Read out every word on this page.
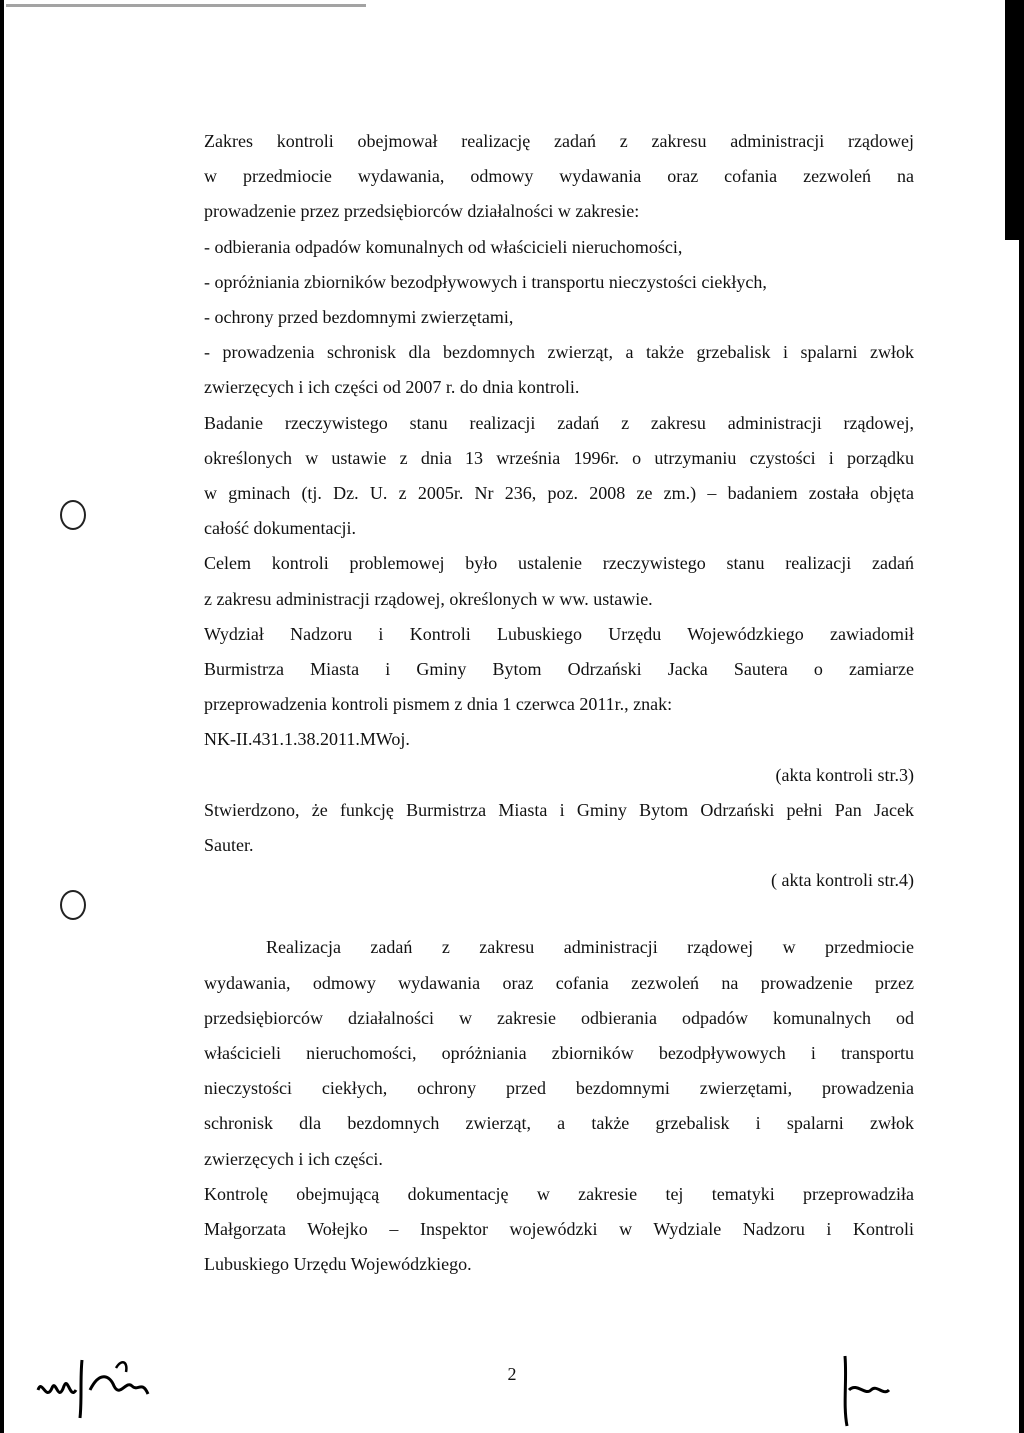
Zakres kontroli obejmował realizację zadań z zakresu administracji rządowej
w przedmiocie wydawania, odmowy wydawania oraz cofania zezwoleń na
prowadzenie przez przedsiębiorców działalności w zakresie:

- odbierania odpadów komunalnych od właścicieli nieruchomości,

- opróżniania zbiorników bezodpływowych i transportu nieczystości ciekłych,

- ochrony przed bezdomnymi zwierzętami,

- prowadzenia schronisk dla bezdomnych zwierząt, a także grzebalisk i spalarni zwłok
zwierzęcych i ich części od 2007 r. do dnia kontroli.

Badanie rzeczywistego stanu realizacji zadań z zakresu administracji rządowej,
określonych w ustawie z dnia 13 września 1996r. o utrzymaniu czystości i porządku
w gminach (tj. Dz. U. z 2005r. Nr 236, poz. 2008 ze zm.) – badaniem została objęta
całość dokumentacji.

Celem kontroli problemowej było ustalenie rzeczywistego stanu realizacji zadań
z zakresu administracji rządowej, określonych w ww. ustawie.

Wydział Nadzoru i Kontroli Lubuskiego Urzędu Wojewódzkiego zawiadomił
Burmistrza Miasta i Gminy Bytom Odrzański Jacka Sautera o zamiarze
przeprowadzenia kontroli pismem z dnia 1 czerwca 2011r., znak:
NK-II.431.1.38.2011.MWoj.

(akta kontroli str.3)

Stwierdzono, że funkcję Burmistrza Miasta i Gminy Bytom Odrzański pełni Pan Jacek
Sauter.

( akta kontroli str.4)

Realizacja zadań z zakresu administracji rządowej w przedmiocie
wydawania, odmowy wydawania oraz cofania zezwoleń na prowadzenie przez
przedsiębiorców działalności w zakresie odbierania odpadów komunalnych od
właścicieli nieruchomości, opróżniania zbiorników bezodpływowych i transportu
nieczystości ciekłych, ochrony przed bezdomnymi zwierzętami, prowadzenia
schronisk dla bezdomnych zwierząt, a także grzebalisk i spalarni zwłok
zwierzęcych i ich części.

Kontrolę obejmującą dokumentację w zakresie tej tematyki przeprowadziła
Małgorzata Wołejko – Inspektor wojewódzki w Wydziale Nadzoru i Kontroli
Lubuskiego Urzędu Wojewódzkiego.

2
